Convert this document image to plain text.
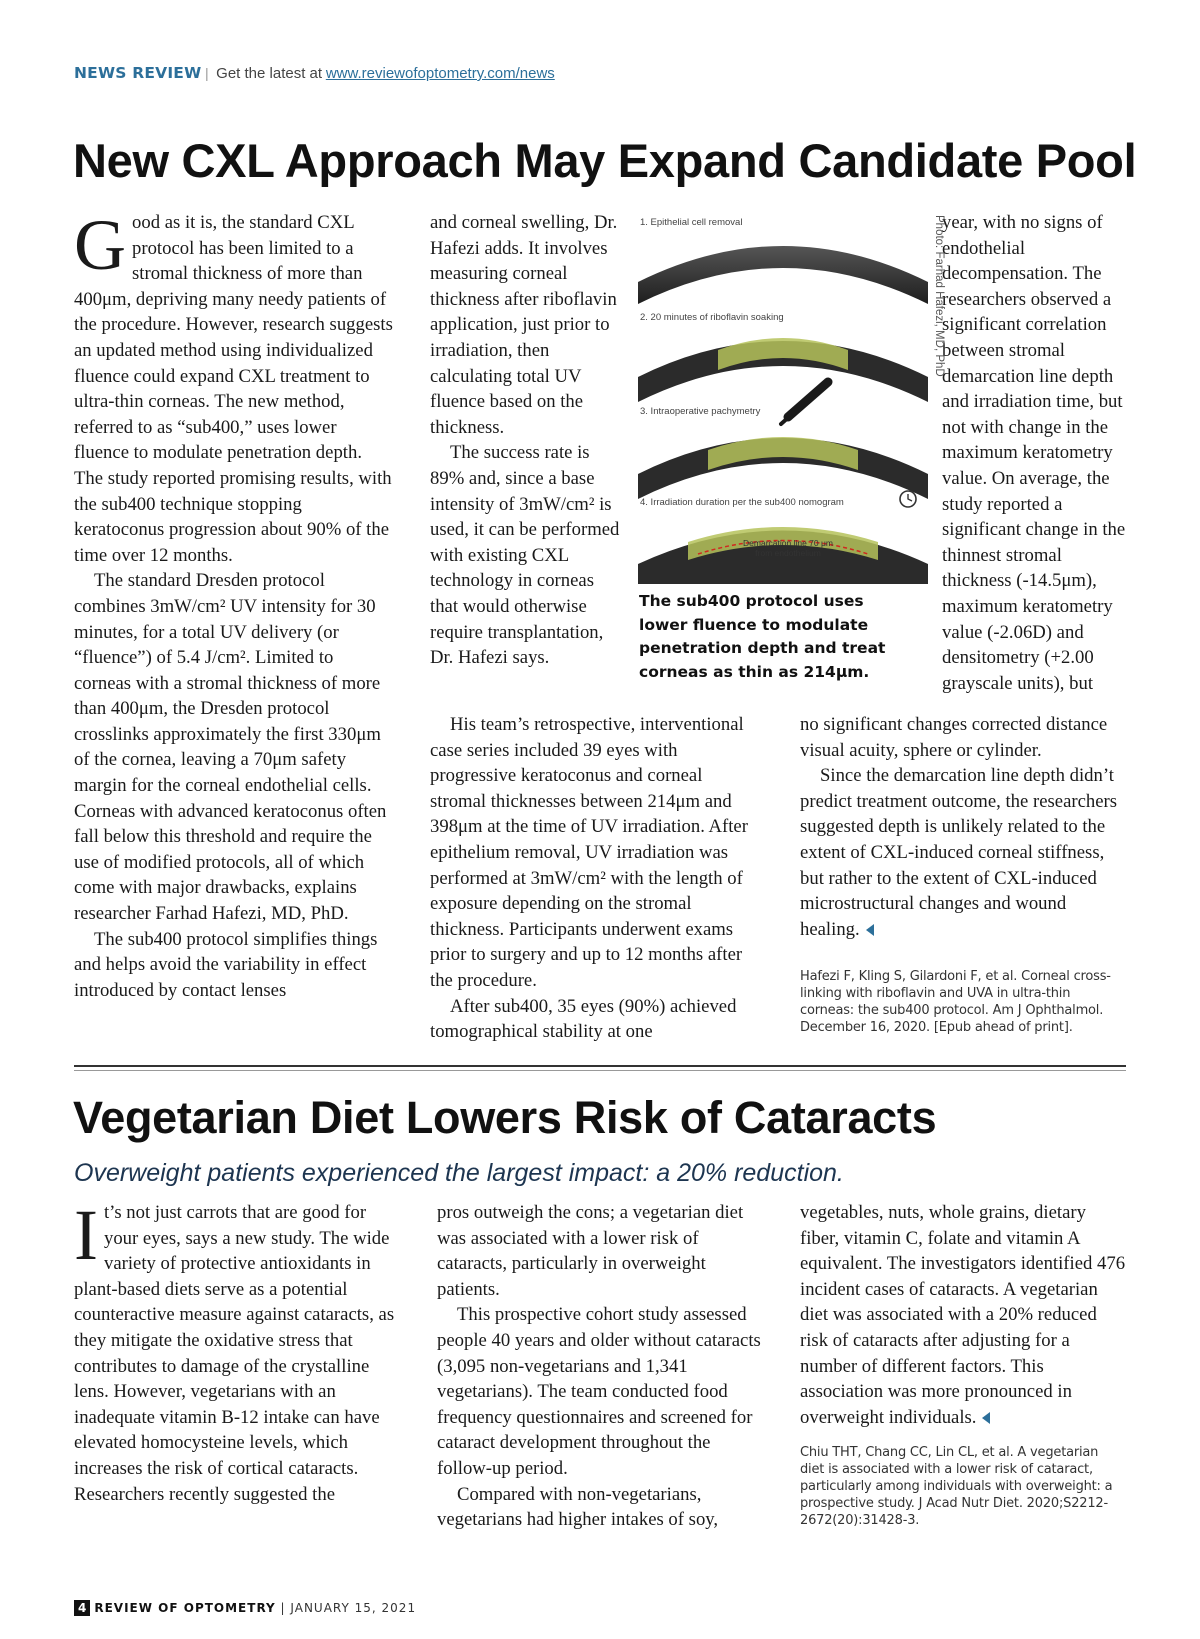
NEWS REVIEW | Get the latest at www.reviewofoptometry.com/news
New CXL Approach May Expand Candidate Pool

Good as it is, the standard CXL protocol has been limited to a stromal thickness of more than 400μm, depriving many needy patients of the procedure. However, research suggests an updated method using individualized fluence could expand CXL treatment to ultra-thin corneas. The new method, referred to as “sub400,” uses lower fluence to modulate penetration depth. The study reported promising results, with the sub400 technique stopping keratoconus progression about 90% of the time over 12 months.

The standard Dresden protocol combines 3mW/cm² UV intensity for 30 minutes, for a total UV delivery (or “fluence”) of 5.4 J/cm². Limited to corneas with a stromal thickness of more than 400μm, the Dresden protocol crosslinks approximately the first 330μm of the cornea, leaving a 70μm safety margin for the corneal endothelial cells. Corneas with advanced keratoconus often fall below this threshold and require the use of modified protocols, all of which come with major drawbacks, explains researcher Farhad Hafezi, MD, PhD.

The sub400 protocol simplifies things and helps avoid the variability in effect introduced by contact lenses

and corneal swelling, Dr. Hafezi adds. It involves measuring corneal thickness after riboflavin application, just prior to irradiation, then calculating total UV fluence based on the thickness.

The success rate is 89% and, since a base intensity of 3mW/cm² is used, it can be performed with existing CXL technology in corneas that would otherwise require transplantation, Dr. Hafezi says.

His team’s retrospective, interventional case series included 39 eyes with progressive keratoconus and corneal stromal thicknesses between 214μm and 398μm at the time of UV irradiation. After epithelium removal, UV irradiation was performed at 3mW/cm² with the length of exposure depending on the stromal thickness. Participants underwent exams prior to surgery and up to 12 months after the procedure.

After sub400, 35 eyes (90%) achieved tomographical stability at one

year, with no signs of endothelial decompensation. The researchers observed a significant correlation between stromal demarcation line depth and irradiation time, but not with change in the maximum keratometry value. On average, the study reported a significant change in the thinnest stromal thickness (-14.5μm), maximum keratometry value (-2.06D) and densitometry (+2.00 grayscale units), but

no significant changes corrected distance visual acuity, sphere or cylinder.

Since the demarcation line depth didn’t predict treatment outcome, the researchers suggested depth is unlikely related to the extent of CXL-induced corneal stiffness, but rather to the extent of CXL-induced microstructural changes and wound healing.

1. Epithelial cell removal
2. 20 minutes of riboflavin soaking
3. Intraoperative pachymetry
4. Irradiation duration per the sub400 nomogram
Demarcation line 70 μm
from endothelium
Photo: Farhad Hafezi, MD, PhD
The sub400 protocol uses lower fluence to modulate penetration depth and treat corneas as thin as 214μm.
Hafezi F, Kling S, Gilardoni F, et al. Corneal cross-linking with riboflavin and UVA in ultra-thin corneas: the sub400 protocol. Am J Ophthalmol. December 16, 2020. [Epub ahead of print].
Vegetarian Diet Lowers Risk of Cataracts
Overweight patients experienced the largest impact: a 20% reduction.

It’s not just carrots that are good for your eyes, says a new study. The wide variety of protective antioxidants in plant-based diets serve as a potential counteractive measure against cataracts, as they mitigate the oxidative stress that contributes to damage of the crystalline lens. However, vegetarians with an inadequate vitamin B-12 intake can have elevated homocysteine levels, which increases the risk of cortical cataracts. Researchers recently suggested the

pros outweigh the cons; a vegetarian diet was associated with a lower risk of cataracts, particularly in overweight patients.

This prospective cohort study assessed people 40 years and older without cataracts (3,095 non-vegetarians and 1,341 vegetarians). The team conducted food frequency questionnaires and screened for cataract development throughout the follow-up period.

Compared with non-vegetarians, vegetarians had higher intakes of soy,

vegetables, nuts, whole grains, dietary fiber, vitamin C, folate and vitamin A equivalent. The investigators identified 476 incident cases of cataracts. A vegetarian diet was associated with a 20% reduced risk of cataracts after adjusting for a number of different factors. This association was more pronounced in overweight individuals.

Chiu THT, Chang CC, Lin CL, et al. A vegetarian diet is associated with a lower risk of cataract, particularly among individuals with overweight: a prospective study. J Acad Nutr Diet. 2020;S2212-2672(20):31428-3.
4 REVIEW OF OPTOMETRY | JANUARY 15, 2021
